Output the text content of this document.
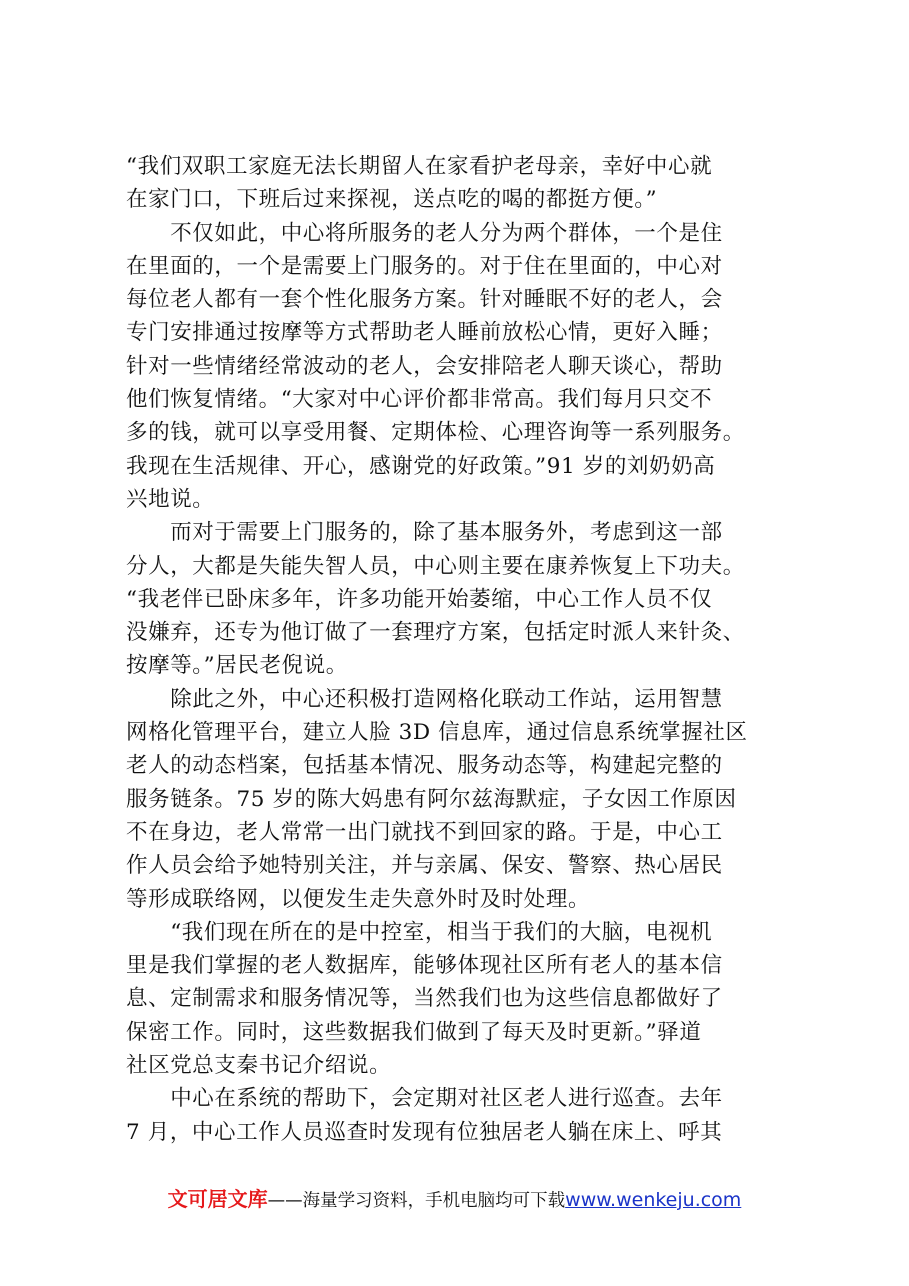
“我们双职工家庭无法长期留人在家看护老母亲，幸好中心就
在家门口，下班后过来探视，送点吃的喝的都挺方便。”
　　不仅如此，中心将所服务的老人分为两个群体，一个是住
在里面的，一个是需要上门服务的。对于住在里面的，中心对
每位老人都有一套个性化服务方案。针对睡眠不好的老人，会
专门安排通过按摩等方式帮助老人睡前放松心情，更好入睡；
针对一些情绪经常波动的老人，会安排陪老人聊天谈心，帮助
他们恢复情绪。“大家对中心评价都非常高。我们每月只交不
多的钱，就可以享受用餐、定期体检、心理咨询等一系列服务。
我现在生活规律、开心，感谢党的好政策。”91 岁的刘奶奶高
兴地说。
　　而对于需要上门服务的，除了基本服务外，考虑到这一部
分人，大都是失能失智人员，中心则主要在康养恢复上下功夫。
“我老伴已卧床多年，许多功能开始萎缩，中心工作人员不仅
没嫌弃，还专为他订做了一套理疗方案，包括定时派人来针灸、
按摩等。”居民老倪说。
　　除此之外，中心还积极打造网格化联动工作站，运用智慧
网格化管理平台，建立人脸 3D 信息库，通过信息系统掌握社区
老人的动态档案，包括基本情况、服务动态等，构建起完整的
服务链条。75 岁的陈大妈患有阿尔兹海默症，子女因工作原因
不在身边，老人常常一出门就找不到回家的路。于是，中心工
作人员会给予她特别关注，并与亲属、保安、警察、热心居民
等形成联络网，以便发生走失意外时及时处理。
　　“我们现在所在的是中控室，相当于我们的大脑，电视机
里是我们掌握的老人数据库，能够体现社区所有老人的基本信
息、定制需求和服务情况等，当然我们也为这些信息都做好了
保密工作。同时，这些数据我们做到了每天及时更新。”驿道
社区党总支秦书记介绍说。
　　中心在系统的帮助下，会定期对社区老人进行巡查。去年
7 月，中心工作人员巡查时发现有位独居老人躺在床上、呼其
文可居文库——海量学习资料，手机电脑均可下载www.wenkeju.com
